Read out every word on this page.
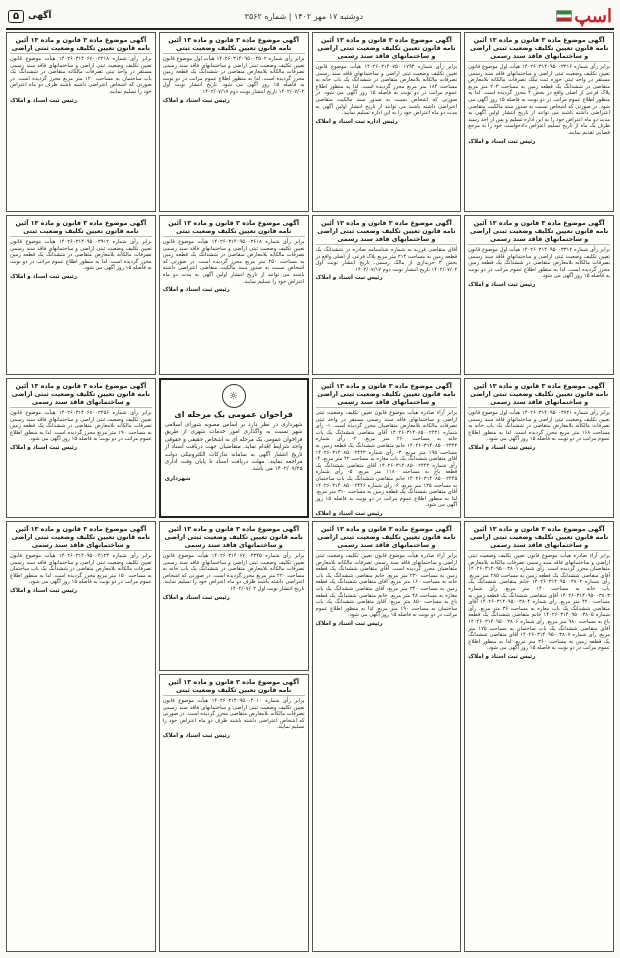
اسپ
دوشنبه ۱۷ مهر ۱۴۰۲ | شماره ۳۵۶۲
آگهی
۵
آگهی موضوع ماده ۳ قانون و ماده ۱۳ آئین نامه قانون تعیین تکلیف وضعیت ثبتی اراضی و ساختمانهای فاقد سند رسمی
برابر رأی شماره ۱۴۰۲۶۰۳۱۴۰۹۵۰۰۳۴۱۶ هیأت اول موضوع قانون تعیین تکلیف وضعیت ثبتی اراضی و ساختمانهای فاقد سند رسمی مستقر در واحد ثبتی حوزه ثبت ملک تصرفات مالکانه بلامعارض متقاضی در ششدانگ یک قطعه زمین به مساحت ۲۰۳ متر مربع پلاک فرعی از اصلی واقع در بخش ۴ محرز گردیده است. لذا به منظور اطلاع عموم مراتب در دو نوبت به فاصله ۱۵ روز آگهی می شود. در صورتی که اشخاص نسبت به صدور سند مالکیت متقاضی اعتراضی داشته باشند می توانند از تاریخ انتشار اولین آگهی به مدت دو ماه اعتراض خود را به این اداره تسلیم و پس از اخذ رسید ظرف یک ماه از تاریخ تسلیم اعتراض دادخواست خود را به مرجع قضایی تقدیم نمایند.
رئیس ثبت اسناد و املاک
آگهی موضوع ماده ۳ قانون و ماده ۱۳ آئین نامه قانون تعیین تکلیف وضعیت ثبتی اراضی و ساختمانهای فاقد سند رسمی
برابر رأی شماره ۱۴۰۲۶۰۳۱۴۰۹۵۰۰۳۳۱۲ هیأت اول موضوع قانون تعیین تکلیف وضعیت ثبتی اراضی و ساختمانهای فاقد سند رسمی تصرفات مالکانه بلامعارض متقاضی در ششدانگ یک قطعه زمین محرز گردیده است. لذا به منظور اطلاع عموم مراتب در دو نوبت به فاصله ۱۵ روز آگهی می شود.
رئیس ثبت اسناد و املاک
آگهی موضوع ماده ۳ قانون و ماده ۱۳ آئین نامه قانون تعیین تکلیف وضعیت ثبتی اراضی و ساختمانهای فاقد سند رسمی
برابر رأی شماره ۱۴۰۲۶۰۳۱۴۰۹۵۰۰۳۷۲۱ هیأت اول موضوع قانون تعیین تکلیف وضعیت ثبتی اراضی و ساختمانهای فاقد سند رسمی تصرفات مالکانه بلامعارض متقاضی در ششدانگ یک باب خانه به مساحت ۱۶۸ متر مربع محرز گردیده است. لذا به منظور اطلاع عموم مراتب در دو نوبت به فاصله ۱۵ روز آگهی می شود.
رئیس ثبت اسناد و املاک
آگهی موضوع ماده ۳ قانون و ماده ۱۳ آئین نامه قانون تعیین تکلیف وضعیت ثبتی اراضی و ساختمانهای فاقد سند رسمی
برابر آراء صادره هیأت موضوع قانون تعیین تکلیف وضعیت ثبتی اراضی و ساختمانهای فاقد سند رسمی تصرفات مالکانه بلامعارض متقاضیان محرز گردیده است. رأی شماره ۱۴۰۲۶۰۳۱۴۰۹۵۰۰۳۸۰۱ آقای متقاضی ششدانگ یک قطعه زمین به مساحت ۲۸۵ متر مربع. رأی شماره ۱۴۰۲۶۰۳۱۴۰۹۵۰۰۳۸۰۲ خانم متقاضی ششدانگ یک باب خانه به مساحت ۱۴۰ متر مربع. رأی شماره ۱۴۰۲۶۰۳۱۴۰۹۵۰۰۳۸۰۳ آقای متقاضی ششدانگ یک قطعه زمین به مساحت ۴۲۰ متر مربع. رأی شماره ۱۴۰۲۶۰۳۱۴۰۹۵۰۰۳۸۰۴ آقای متقاضی ششدانگ یک باب مغازه به مساحت ۳۶ متر مربع. رأی شماره ۱۴۰۲۶۰۳۱۴۰۹۵۰۰۳۸۰۵ خانم متقاضی ششدانگ یک قطعه باغ به مساحت ۹۸۰ متر مربع. رأی شماره ۱۴۰۲۶۰۳۱۴۰۹۵۰۰۳۸۰۶ آقای متقاضی ششدانگ یک باب ساختمان به مساحت ۱۷۵ متر مربع. رأی شماره ۱۴۰۲۶۰۳۱۴۰۹۵۰۰۳۸۰۷ آقای متقاضی ششدانگ یک قطعه زمین به مساحت ۳۶۰ متر مربع. لذا به منظور اطلاع عموم مراتب در دو نوبت به فاصله ۱۵ روز آگهی می شود.
رئیس ثبت اسناد و املاک
آگهی موضوع ماده ۳ قانون و ماده ۱۳ آئین نامه قانون تعیین تکلیف وضعیت ثبتی اراضی و ساختمانهای فاقد سند رسمی
برابر رأی شماره ۱۴۰۲۶۰۳۱۴۰۷۵۰۰۱۷۹۴ هیأت موضوع قانون تعیین تکلیف وضعیت ثبتی اراضی و ساختمانهای فاقد سند رسمی تصرفات مالکانه بلامعارض متقاضی در ششدانگ یک باب خانه به مساحت ۱۸۴ متر مربع محرز گردیده است. لذا به منظور اطلاع عموم مراتب در دو نوبت به فاصله ۱۵ روز آگهی می شود. در صورتی که اشخاص نسبت به صدور سند مالکیت متقاضی اعتراضی داشته باشند می توانند از تاریخ انتشار اولین آگهی به مدت دو ماه اعتراض خود را به این اداره تسلیم نمایند.
رئیس اداره ثبت اسناد و املاک
آگهی موضوع ماده ۳ قانون و ماده ۱۳ آئین نامه قانون تعیین تکلیف وضعیت ثبتی اراضی و ساختمانهای فاقد سند رسمی
آقای متقاضی فرزند به شماره شناسنامه صادره در ششدانگ یک قطعه زمین به مساحت ۲۱۴ متر مربع پلاک فرعی از اصلی واقع در بخش ۳ خریداری از مالک رسمی. تاریخ انتشار نوبت اول ۱۴۰۲/۰۷/۰۲ تاریخ انتشار نوبت دوم ۱۴۰۲/۰۷/۱۷
رئیس ثبت اسناد و املاک
آگهی موضوع ماده ۳ قانون و ماده ۱۳ آئین نامه قانون تعیین تکلیف وضعیت ثبتی اراضی و ساختمانهای فاقد سند رسمی
برابر آراء صادره هیأت موضوع قانون تعیین تکلیف وضعیت ثبتی اراضی و ساختمانهای فاقد سند رسمی مستقر در واحد ثبتی تصرفات مالکانه بلامعارض متقاضیان محرز گردیده است. ۱- رأی شماره ۱۴۰۲۶۰۳۱۴۰۸۵۰۰۲۴۴۱ آقای متقاضی ششدانگ یک باب خانه به مساحت ۲۶۰ متر مربع. ۲- رأی شماره ۱۴۰۲۶۰۳۱۴۰۸۵۰۰۲۴۴۲ خانم متقاضی ششدانگ یک قطعه زمین به مساحت ۱۹۵ متر مربع. ۳- رأی شماره ۱۴۰۲۶۰۳۱۴۰۸۵۰۰۲۴۴۳ آقای متقاضی ششدانگ یک باب مغازه به مساحت ۴۲ متر مربع. ۴- رأی شماره ۱۴۰۲۶۰۳۱۴۰۸۵۰۰۲۴۴۴ آقای متقاضی ششدانگ یک قطعه باغ به مساحت ۱۱۸۰ متر مربع. ۵- رأی شماره ۱۴۰۲۶۰۳۱۴۰۸۵۰۰۲۴۴۵ خانم متقاضی ششدانگ یک باب ساختمان به مساحت ۱۳۵ متر مربع. ۶- رأی شماره ۱۴۰۲۶۰۳۱۴۰۸۵۰۰۲۴۴۶ آقای متقاضی ششدانگ یک قطعه زمین به مساحت ۳۱۰ متر مربع. لذا به منظور اطلاع عموم مراتب در دو نوبت به فاصله ۱۵ روز آگهی می شود.
رئیس ثبت اسناد و املاک
آگهی موضوع ماده ۳ قانون و ماده ۱۳ آئین نامه قانون تعیین تکلیف وضعیت ثبتی اراضی و ساختمانهای فاقد سند رسمی
برابر آراء صادره هیأت موضوع قانون تعیین تکلیف وضعیت ثبتی اراضی و ساختمانهای فاقد سند رسمی تصرفات مالکانه بلامعارض متقاضیان محرز گردیده است. آقای متقاضی ششدانگ یک قطعه زمین به مساحت ۲۳۰ متر مربع. خانم متقاضی ششدانگ یک باب خانه به مساحت ۱۶۰ متر مربع. آقای متقاضی ششدانگ یک قطعه زمین به مساحت ۳۴۰ متر مربع. آقای متقاضی ششدانگ یک باب مغازه به مساحت ۴۸ متر مربع. خانم متقاضی ششدانگ یک قطعه باغ به مساحت ۸۵۰ متر مربع. آقای متقاضی ششدانگ یک باب ساختمان به مساحت ۱۹۰ متر مربع. لذا به منظور اطلاع عموم مراتب در دو نوبت به فاصله ۱۵ روز آگهی می شود.
رئیس ثبت اسناد و املاک
آگهی موضوع ماده ۳ قانون و ماده ۱۳ آئین نامه قانون تعیین تکلیف وضعیت ثبتی
برابر رأی شماره ۱۴۰۲۶۰۳۱۴۰۹۵۰۰۳۵۰۲ هیأت اول موضوع قانون تعیین تکلیف وضعیت ثبتی اراضی و ساختمانهای فاقد سند رسمی تصرفات مالکانه بلامعارض متقاضی در ششدانگ یک قطعه زمین محرز گردیده است. لذا به منظور اطلاع عموم مراتب در دو نوبت به فاصله ۱۵ روز آگهی می شود. تاریخ انتشار نوبت اول ۱۴۰۲/۰۷/۰۲ تاریخ انتشار نوبت دوم ۱۴۰۲/۰۷/۱۷
رئیس ثبت اسناد و املاک
آگهی موضوع ماده ۳ قانون و ماده ۱۳ آئین نامه قانون تعیین تکلیف وضعیت ثبتی
برابر رأی شماره ۱۴۰۲۶۰۳۱۴۰۹۵۰۰۳۶۱۸ هیأت موضوع قانون تعیین تکلیف وضعیت ثبتی اراضی و ساختمانهای فاقد سند رسمی تصرفات مالکانه بلامعارض متقاضی در ششدانگ یک قطعه زمین به مساحت ۲۵۰ متر مربع محرز گردیده است. در صورتی که اشخاص نسبت به صدور سند مالکیت متقاضی اعتراضی داشته باشند می توانند از تاریخ انتشار اولین آگهی به مدت دو ماه اعتراض خود را تسلیم نمایند.
رئیس ثبت اسناد و املاک
☼
فراخوان عمومی یک مرحله ای
شهرداری در نظر دارد بر اساس مصوبه شورای اسلامی شهر نسبت به واگذاری امور خدمات شهری از طریق فراخوان عمومی یک مرحله ای به اشخاص حقیقی و حقوقی واجد شرایط اقدام نماید. متقاضیان جهت دریافت اسناد از تاریخ انتشار آگهی به سامانه تدارکات الکترونیکی دولت مراجعه نمایند. مهلت دریافت اسناد تا پایان وقت اداری ۱۴۰۲/۰۷/۲۵ می باشد.
شهرداری
آگهی موضوع ماده ۳ قانون و ماده ۱۳ آئین نامه قانون تعیین تکلیف وضعیت ثبتی اراضی و ساختمانهای فاقد سند رسمی
برابر رأی شماره ۱۴۰۲۶۰۳۱۴۰۶۷۰۰۲۳۴۵ هیأت موضوع قانون تعیین تکلیف وضعیت ثبتی اراضی و ساختمانهای فاقد سند رسمی تصرفات مالکانه بلامعارض متقاضی در ششدانگ یک باب خانه به مساحت ۲۲۰ متر مربع محرز گردیده است. در صورتی که اشخاص اعتراضی داشته باشند ظرف دو ماه اعتراض خود را تسلیم نمایند. تاریخ انتشار نوبت اول ۱۴۰۲/۰۷/۰۲
رئیس ثبت اسناد و املاک
آگهی موضوع ماده ۳ قانون و ماده ۱۳ آئین نامه قانون تعیین تکلیف وضعیت ثبتی
برابر رأی شماره ۱۴۰۲۶۰۳۱۴۰۹۵۰۰۴۰۱۰ هیأت موضوع قانون تعیین تکلیف وضعیت ثبتی اراضی و ساختمانهای فاقد سند رسمی تصرفات مالکانه بلامعارض متقاضی محرز گردیده است. در صورتی که اشخاص اعتراضی داشته باشند ظرف دو ماه اعتراض خود را تسلیم نمایند.
رئیس ثبت اسناد و املاک
آگهی موضوع ماده ۳ قانون و ماده ۱۳ آئین نامه قانون تعیین تکلیف وضعیت ثبتی اراضی
برابر رأی شماره ۱۴۰۲۶۰۳۱۴۰۶۷۰۰۲۲۱۸ هیأت موضوع قانون تعیین تکلیف وضعیت ثبتی اراضی و ساختمانهای فاقد سند رسمی مستقر در واحد ثبتی تصرفات مالکانه متقاضی در ششدانگ یک باب ساختمان به مساحت ۱۲۰ متر مربع محرز گردیده است. در صورتی که اشخاص اعتراضی داشته باشند ظرف دو ماه اعتراض خود را تسلیم نمایند.
رئیس ثبت اسناد و املاک
آگهی موضوع ماده ۳ قانون و ماده ۱۳ آئین نامه قانون تعیین تکلیف وضعیت ثبتی
برابر رأی شماره ۱۴۰۲۶۰۳۱۴۰۹۵۰۰۳۹۱۲ هیأت موضوع قانون تعیین تکلیف وضعیت ثبتی اراضی و ساختمانهای فاقد سند رسمی تصرفات مالکانه بلامعارض متقاضی در ششدانگ یک قطعه زمین محرز گردیده است. لذا به منظور اطلاع عموم مراتب در دو نوبت به فاصله ۱۵ روز آگهی می شود.
رئیس ثبت اسناد و املاک
آگهی موضوع ماده ۳ قانون و ماده ۱۳ آئین نامه قانون تعیین تکلیف وضعیت ثبتی اراضی و ساختمانهای فاقد سند رسمی
برابر رأی شماره ۱۴۰۲۶۰۳۱۴۰۶۷۰۰۲۴۵۶ هیأت موضوع قانون تعیین تکلیف وضعیت ثبتی اراضی و ساختمانهای فاقد سند رسمی تصرفات مالکانه بلامعارض متقاضی در ششدانگ یک قطعه زمین به مساحت ۱۹۰ متر مربع محرز گردیده است. لذا به منظور اطلاع عموم مراتب در دو نوبت به فاصله ۱۵ روز آگهی می شود.
رئیس ثبت اسناد و املاک
آگهی موضوع ماده ۳ قانون و ماده ۱۳ آئین نامه قانون تعیین تکلیف وضعیت ثبتی اراضی و ساختمانهای فاقد سند رسمی
برابر رأی شماره ۱۴۰۲۶۰۳۱۴۰۹۵۰۰۴۱۲۳ هیأت موضوع قانون تعیین تکلیف وضعیت ثبتی اراضی و ساختمانهای فاقد سند رسمی تصرفات مالکانه بلامعارض متقاضی در ششدانگ یک باب ساختمان به مساحت ۱۵۰ متر مربع محرز گردیده است. لذا به منظور اطلاع عموم مراتب در دو نوبت به فاصله ۱۵ روز آگهی می شود.
رئیس ثبت اسناد و املاک
